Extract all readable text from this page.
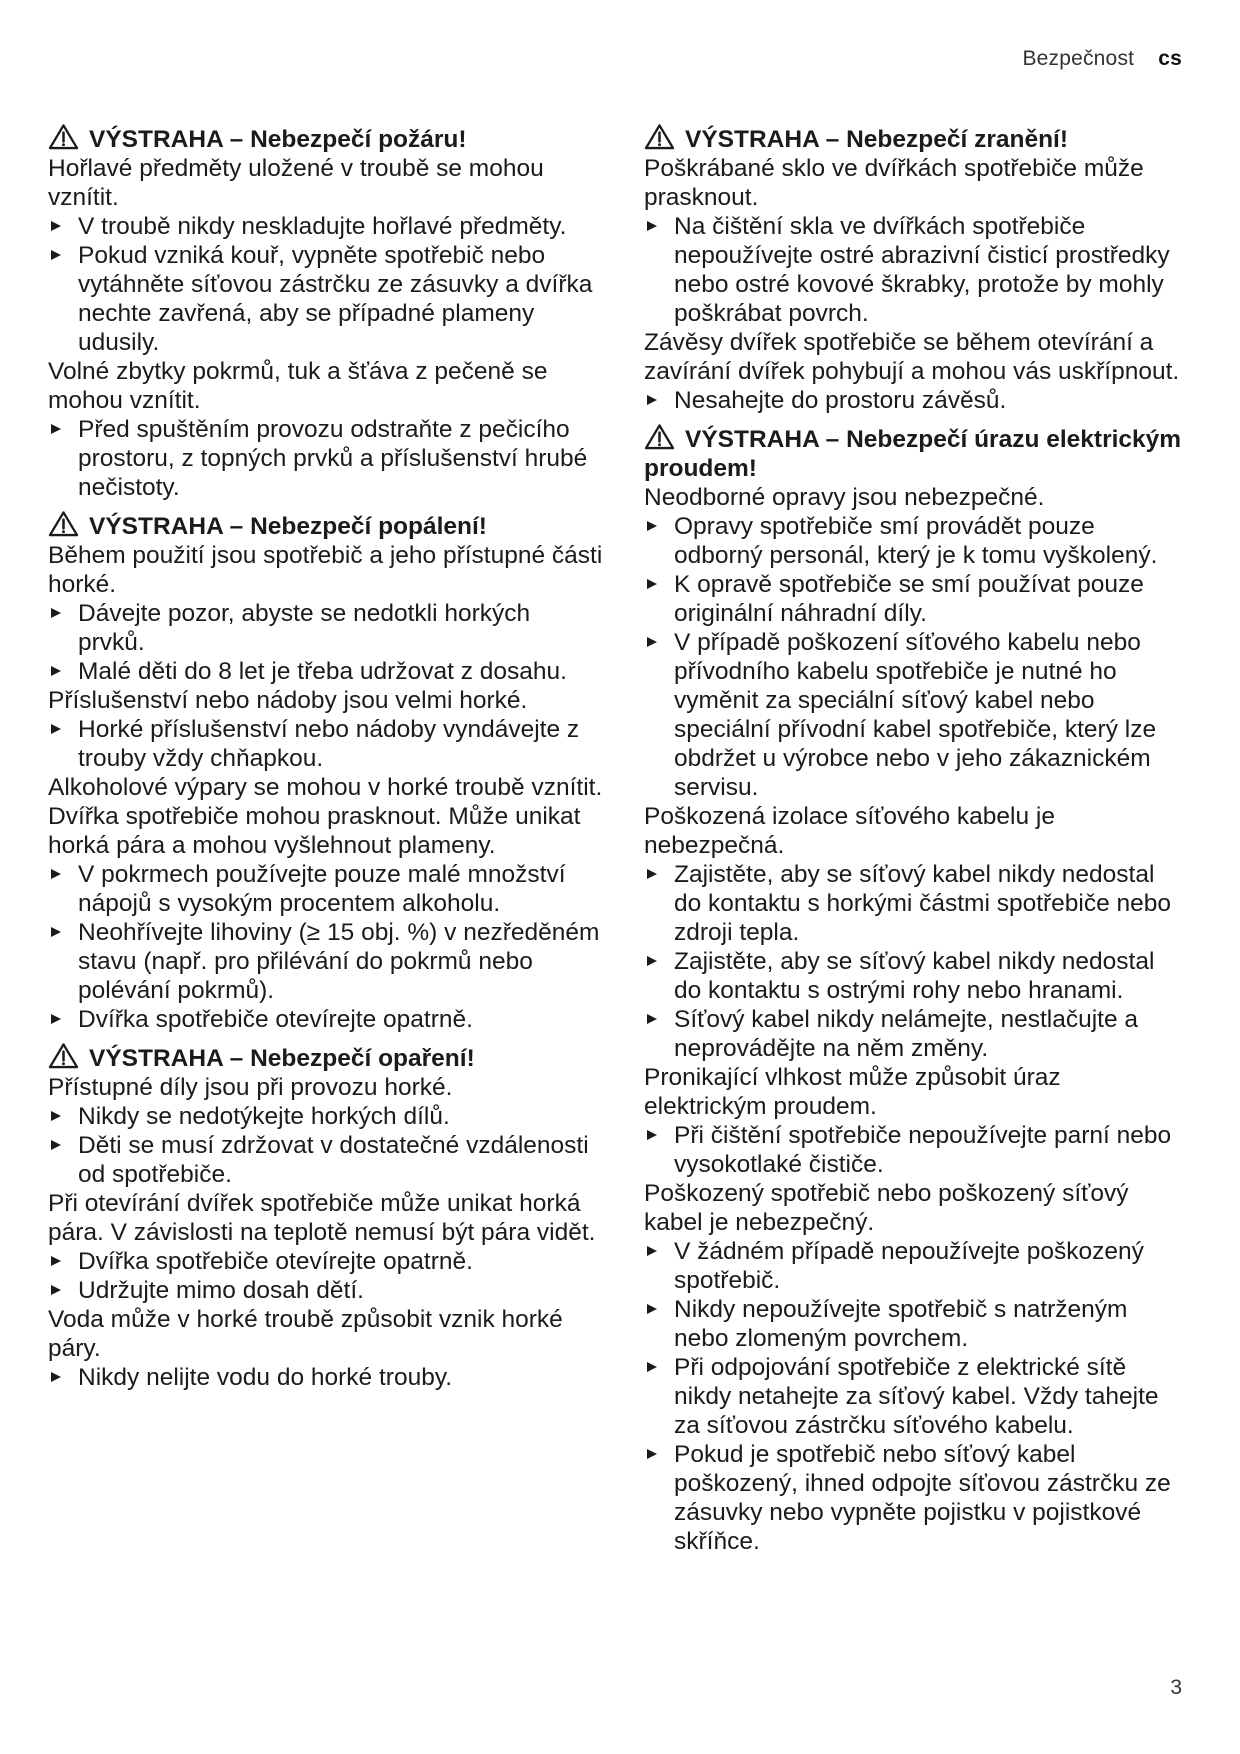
Bezpečnost cs
VÝSTRAHA – Nebezpečí požáru!
Hořlavé předměty uložené v troubě se mohou vznítit.
V troubě nikdy neskladujte hořlavé předměty.
Pokud vzniká kouř, vypněte spotřebič nebo vytáhněte síťovou zástrčku ze zásuvky a dvířka nechte zavřená, aby se případné plameny udusily.
Volné zbytky pokrmů, tuk a šťáva z pečeně se mohou vznítit.
Před spuštěním provozu odstraňte z pečicího prostoru, z topných prvků a příslušenství hrubé nečistoty.
VÝSTRAHA – Nebezpečí popálení!
Během použití jsou spotřebič a jeho přístupné části horké.
Dávejte pozor, abyste se nedotkli horkých prvků.
Malé děti do 8 let je třeba udržovat z dosahu.
Příslušenství nebo nádoby jsou velmi horké.
Horké příslušenství nebo nádoby vyndávejte z trouby vždy chňapkou.
Alkoholové výpary se mohou v horké troubě vznítit. Dvířka spotřebiče mohou prasknout. Může unikat horká pára a mohou vyšlehnout plameny.
V pokrmech používejte pouze malé množství nápojů s vysokým procentem alkoholu.
Neohřívejte lihoviny (≥ 15 obj. %) v nezředěném stavu (např. pro přilévání do pokrmů nebo polévání pokrmů).
Dvířka spotřebiče otevírejte opatrně.
VÝSTRAHA – Nebezpečí opaření!
Přístupné díly jsou při provozu horké.
Nikdy se nedotýkejte horkých dílů.
Děti se musí zdržovat v dostatečné vzdálenosti od spotřebiče.
Při otevírání dvířek spotřebiče může unikat horká pára. V závislosti na teplotě nemusí být pára vidět.
Dvířka spotřebiče otevírejte opatrně.
Udržujte mimo dosah dětí.
Voda může v horké troubě způsobit vznik horké páry.
Nikdy nelijte vodu do horké trouby.
VÝSTRAHA – Nebezpečí zranění!
Poškrábané sklo ve dvířkách spotřebiče může prasknout.
Na čištění skla ve dvířkách spotřebiče nepoužívejte ostré abrazivní čisticí prostředky nebo ostré kovové škrabky, protože by mohly poškrábat povrch.
Závěsy dvířek spotřebiče se během otevírání a zavírání dvířek pohybují a mohou vás uskřípnout.
Nesahejte do prostoru závěsů.
VÝSTRAHA – Nebezpečí úrazu elektrickým proudem!
Neodborné opravy jsou nebezpečné.
Opravy spotřebiče smí provádět pouze odborný personál, který je k tomu vyškolený.
K opravě spotřebiče se smí používat pouze originální náhradní díly.
V případě poškození síťového kabelu nebo přívodního kabelu spotřebiče je nutné ho vyměnit za speciální síťový kabel nebo speciální přívodní kabel spotřebiče, který lze obdržet u výrobce nebo v jeho zákaznickém servisu.
Poškozená izolace síťového kabelu je nebezpečná.
Zajistěte, aby se síťový kabel nikdy nedostal do kontaktu s horkými částmi spotřebiče nebo zdroji tepla.
Zajistěte, aby se síťový kabel nikdy nedostal do kontaktu s ostrými rohy nebo hranami.
Síťový kabel nikdy nelámejte, nestlačujte a neprovádějte na něm změny.
Pronikající vlhkost může způsobit úraz elektrickým proudem.
Při čištění spotřebiče nepoužívejte parní nebo vysokotlaké čističe.
Poškozený spotřebič nebo poškozený síťový kabel je nebezpečný.
V žádném případě nepoužívejte poškozený spotřebič.
Nikdy nepoužívejte spotřebič s natrženým nebo zlomeným povrchem.
Při odpojování spotřebiče z elektrické sítě nikdy netahejte za síťový kabel. Vždy tahejte za síťovou zástrčku síťového kabelu.
Pokud je spotřebič nebo síťový kabel poškozený, ihned odpojte síťovou zástrčku ze zásuvky nebo vypněte pojistku v pojistkové skříňce.
3
